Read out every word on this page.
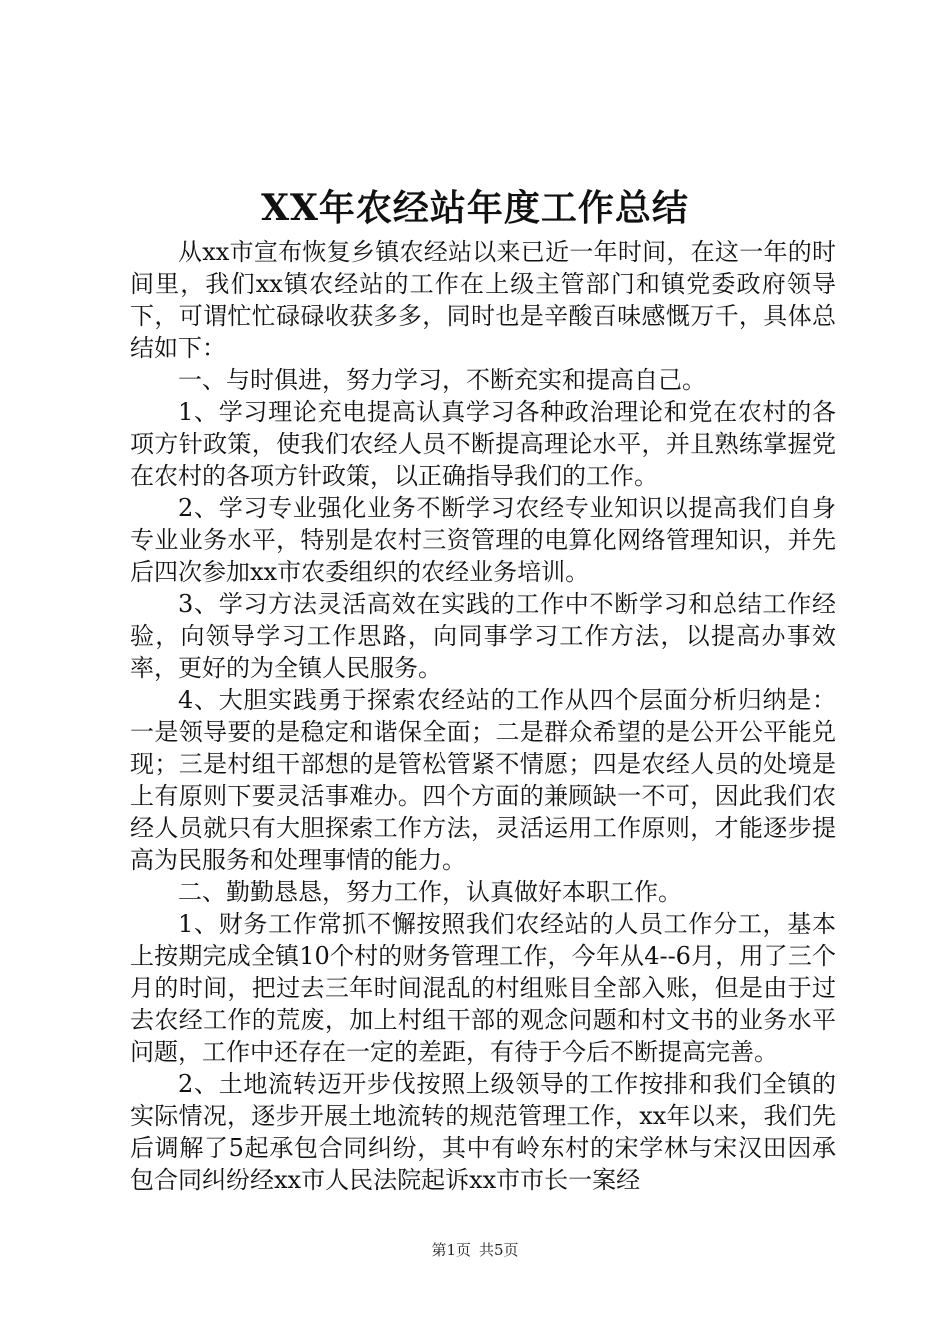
XX年农经站年度工作总结

从xx市宣布恢复乡镇农经站以来已近一年时间，在这一年的时间里，我们xx镇农经站的工作在上级主管部门和镇党委政府领导下，可谓忙忙碌碌收获多多，同时也是辛酸百味感慨万千，具体总结如下：

一、与时俱进，努力学习，不断充实和提高自己。

1、学习理论充电提高认真学习各种政治理论和党在农村的各项方针政策，使我们农经人员不断提高理论水平，并且熟练掌握党在农村的各项方针政策，以正确指导我们的工作。

2、学习专业强化业务不断学习农经专业知识以提高我们自身专业业务水平，特别是农村三资管理的电算化网络管理知识，并先后四次参加xx市农委组织的农经业务培训。

3、学习方法灵活高效在实践的工作中不断学习和总结工作经验，向领导学习工作思路，向同事学习工作方法，以提高办事效率，更好的为全镇人民服务。

4、大胆实践勇于探索农经站的工作从四个层面分析归纳是：一是领导要的是稳定和谐保全面；二是群众希望的是公开公平能兑现；三是村组干部想的是管松管紧不情愿；四是农经人员的处境是上有原则下要灵活事难办。四个方面的兼顾缺一不可，因此我们农经人员就只有大胆探索工作方法，灵活运用工作原则，才能逐步提高为民服务和处理事情的能力。

二、勤勤恳恳，努力工作，认真做好本职工作。

1、财务工作常抓不懈按照我们农经站的人员工作分工，基本上按期完成全镇10个村的财务管理工作，今年从4--6月，用了三个月的时间，把过去三年时间混乱的村组账目全部入账，但是由于过去农经工作的荒废，加上村组干部的观念问题和村文书的业务水平问题，工作中还存在一定的差距，有待于今后不断提高完善。

2、土地流转迈开步伐按照上级领导的工作按排和我们全镇的实际情况，逐步开展土地流转的规范管理工作，xx年以来，我们先后调解了5起承包合同纠纷，其中有岭东村的宋学林与宋汉田因承包合同纠纷经xx市人民法院起诉xx市市长一案经

第1页 共5页
